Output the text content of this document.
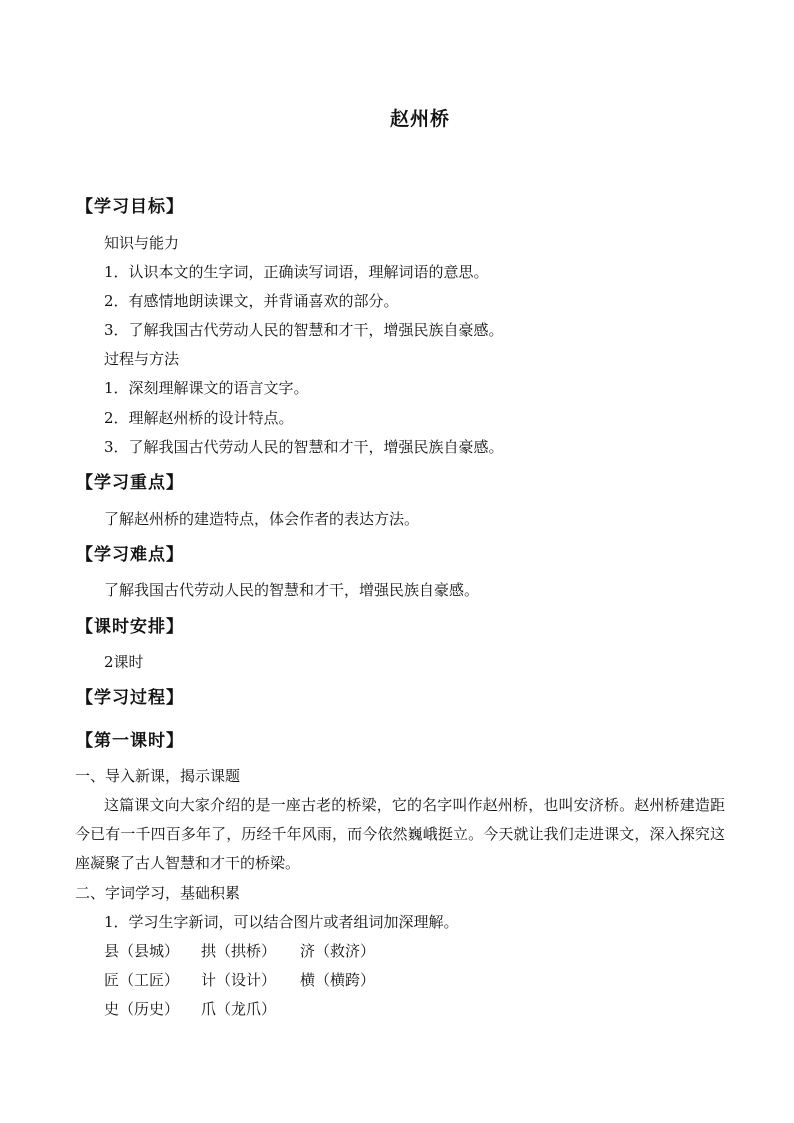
赵州桥
【学习目标】
知识与能力
1．认识本文的生字词，正确读写词语，理解词语的意思。
2．有感情地朗读课文，并背诵喜欢的部分。
3．了解我国古代劳动人民的智慧和才干，增强民族自豪感。
过程与方法
1．深刻理解课文的语言文字。
2．理解赵州桥的设计特点。
3．了解我国古代劳动人民的智慧和才干，增强民族自豪感。
【学习重点】
了解赵州桥的建造特点，体会作者的表达方法。
【学习难点】
了解我国古代劳动人民的智慧和才干，增强民族自豪感。
【课时安排】
2课时
【学习过程】
【第一课时】
一、导入新课，揭示课题
这篇课文向大家介绍的是一座古老的桥梁，它的名字叫作赵州桥，也叫安济桥。赵州桥建造距今已有一千四百多年了，历经千年风雨，而今依然巍峨挺立。今天就让我们走进课文，深入探究这座凝聚了古人智慧和才干的桥梁。
二、字词学习，基础积累
1．学习生字新词，可以结合图片或者组词加深理解。
县（县城） 拱（拱桥） 济（救济）
匠（工匠） 计（设计） 横（横跨）
史（历史） 爪（龙爪）
